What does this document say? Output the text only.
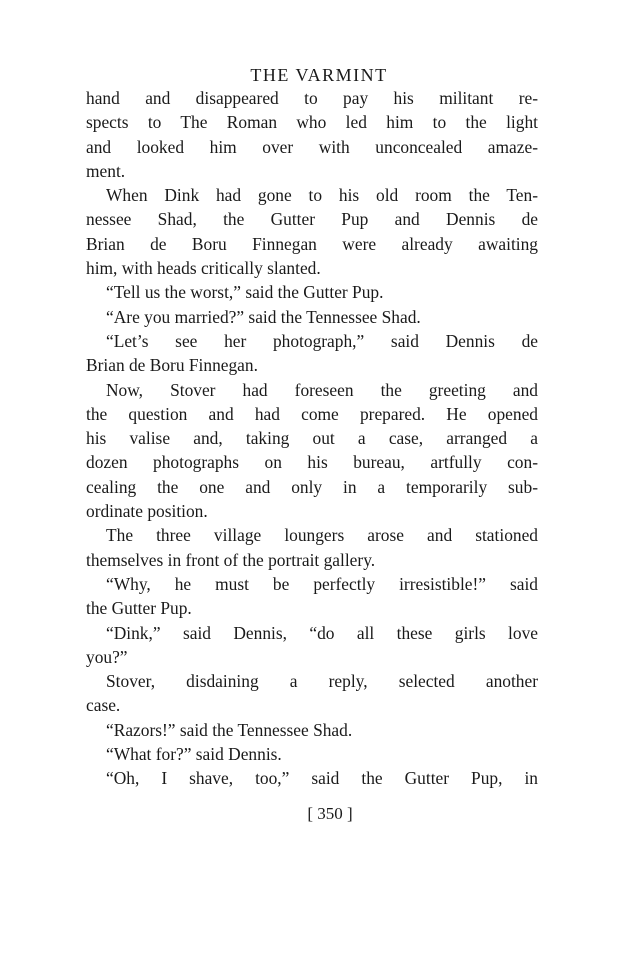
THE VARMINT
hand and disappeared to pay his militant re-
spects to The Roman who led him to the light
and looked him over with unconcealed amaze-
ment.
When Dink had gone to his old room the Ten-
nessee Shad, the Gutter Pup and Dennis de
Brian de Boru Finnegan were already awaiting
him, with heads critically slanted.
“Tell us the worst,” said the Gutter Pup.
“Are you married?” said the Tennessee Shad.
“Let’s see her photograph,” said Dennis de
Brian de Boru Finnegan.
Now, Stover had foreseen the greeting and
the question and had come prepared. He opened
his valise and, taking out a case, arranged a
dozen photographs on his bureau, artfully con-
cealing the one and only in a temporarily sub-
ordinate position.
The three village loungers arose and stationed
themselves in front of the portrait gallery.
“Why, he must be perfectly irresistible!” said
the Gutter Pup.
“Dink,” said Dennis, “do all these girls love
you?”
Stover, disdaining a reply, selected another
case.
“Razors!” said the Tennessee Shad.
“What for?” said Dennis.
“Oh, I shave, too,” said the Gutter Pup, in
[ 350 ]
